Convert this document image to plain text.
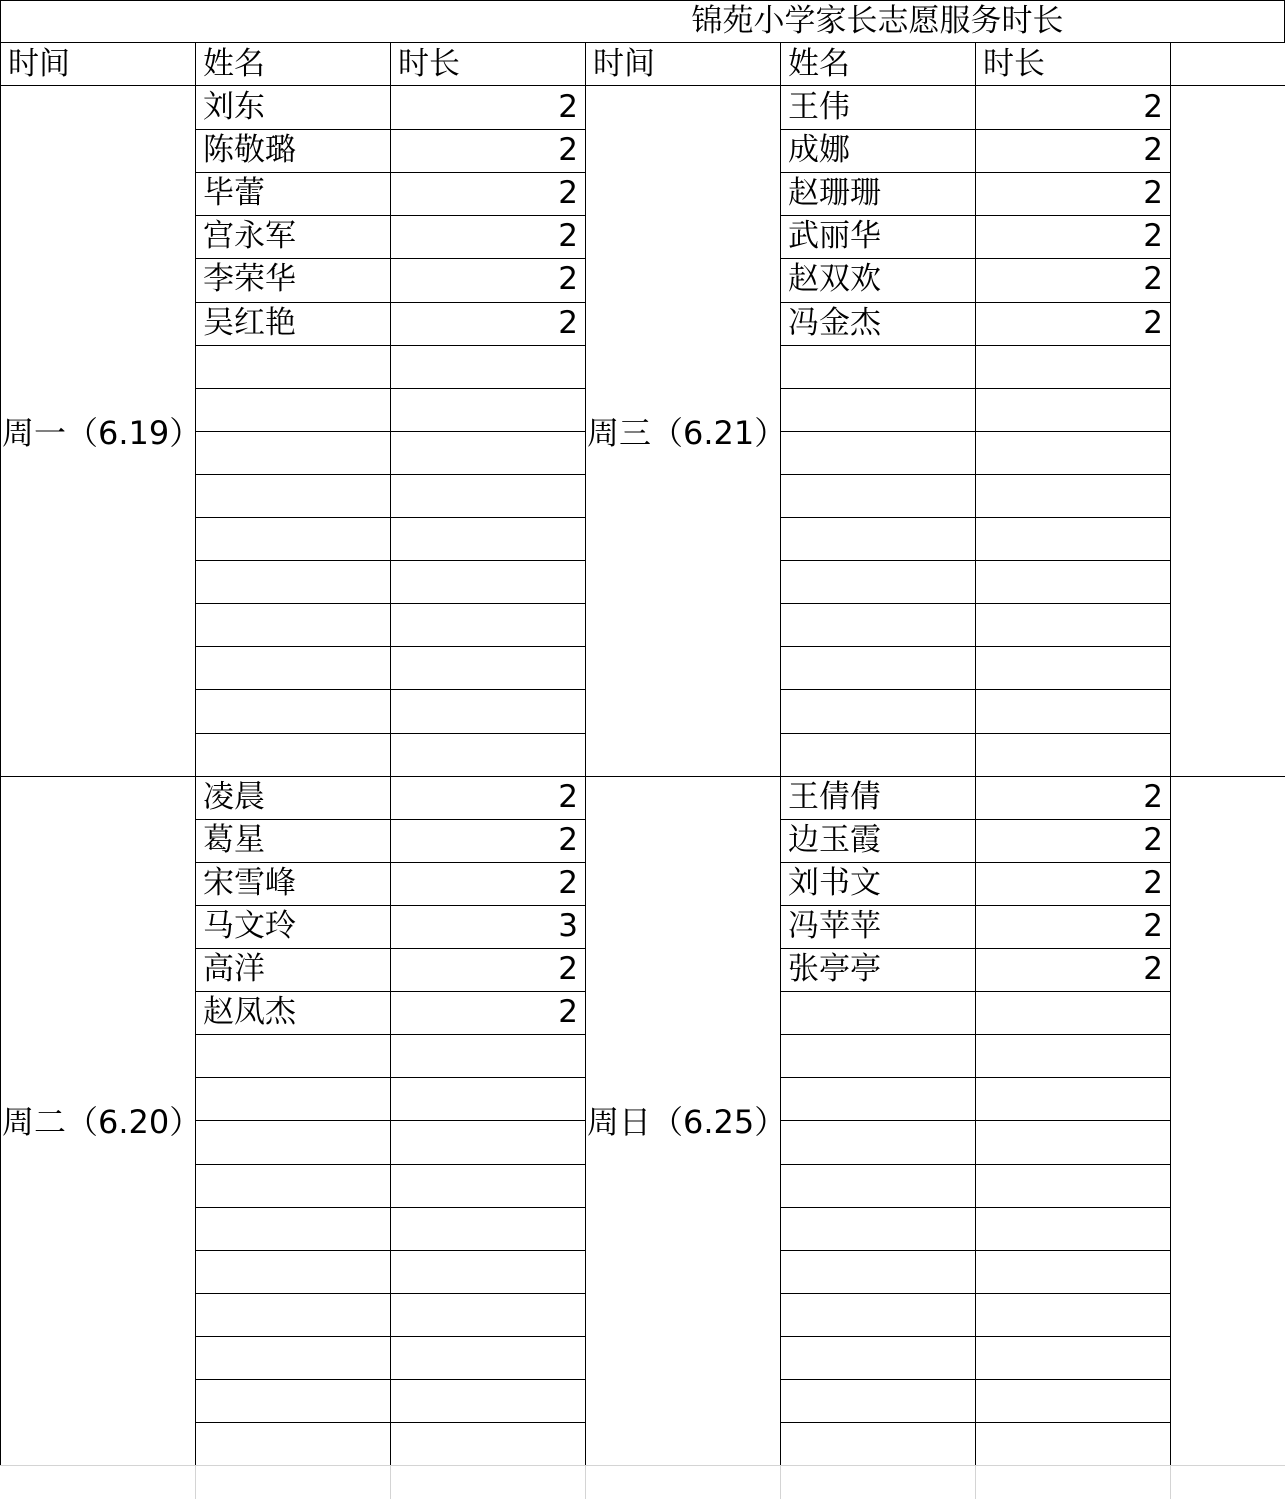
锦苑小学家长志愿服务时长
时间	姓名	时长	时间	姓名	时长
周一（6.19）
刘东	2
陈敬璐	2
毕蕾	2
宫永军	2
李荣华	2
吴红艳	2
周三（6.21）
王伟	2
成娜	2
赵珊珊	2
武丽华	2
赵双欢	2
冯金杰	2
周二（6.20）
凌晨	2
葛星	2
宋雪峰	2
马文玲	3
高洋	2
赵凤杰	2
周日（6.25）
王倩倩	2
边玉霞	2
刘书文	2
冯苹苹	2
张亭亭	2
